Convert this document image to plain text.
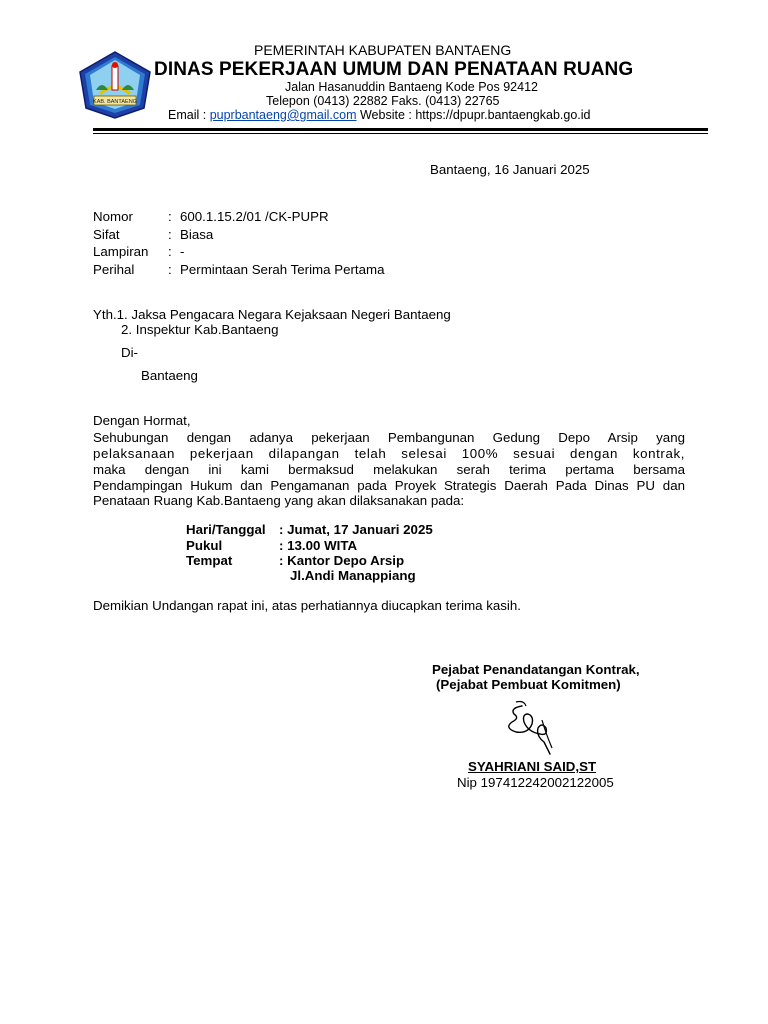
KAB. BANTAENG
PEMERINTAH KABUPATEN BANTAENG
DINAS PEKERJAAN UMUM DAN PENATAAN RUANG
Jalan Hasanuddin Bantaeng Kode Pos 92412
Telepon (0413) 22882 Faks. (0413) 22765
Email : puprbantaeng@gmail.com Website : https://dpupr.bantaengkab.go.id
Bantaeng, 16 Januari 2025
Nomor	: 600.1.15.2/01 /CK-PUPR
Sifat	: Biasa
Lampiran : -
Perihal	: Permintaan Serah Terima Pertama
Yth.1. Jaksa Pengacara Negara Kejaksaan Negeri Bantaeng
2. Inspektur Kab.Bantaeng
Di-
Bantaeng
Dengan Hormat,
Sehubungan dengan adanya pekerjaan Pembangunan Gedung Depo Arsip yang
pelaksanaan pekerjaan dilapangan telah selesai 100% sesuai dengan kontrak,
maka dengan ini kami bermaksud melakukan serah terima pertama bersama
Pendampingan Hukum dan Pengamanan pada Proyek Strategis Daerah Pada Dinas PU dan
Penataan Ruang Kab.Bantaeng yang akan dilaksanakan pada:
Hari/Tanggal : Jumat, 17 Januari 2025
Pukul	: 13.00 WITA
Tempat	: Kantor Depo Arsip
Jl.Andi Manappiang
Demikian Undangan rapat ini, atas perhatiannya diucapkan terima kasih.
Pejabat Penandatangan Kontrak,
(Pejabat Pembuat Komitmen)
SYAHRIANI SAID,ST
Nip 197412242002122005
